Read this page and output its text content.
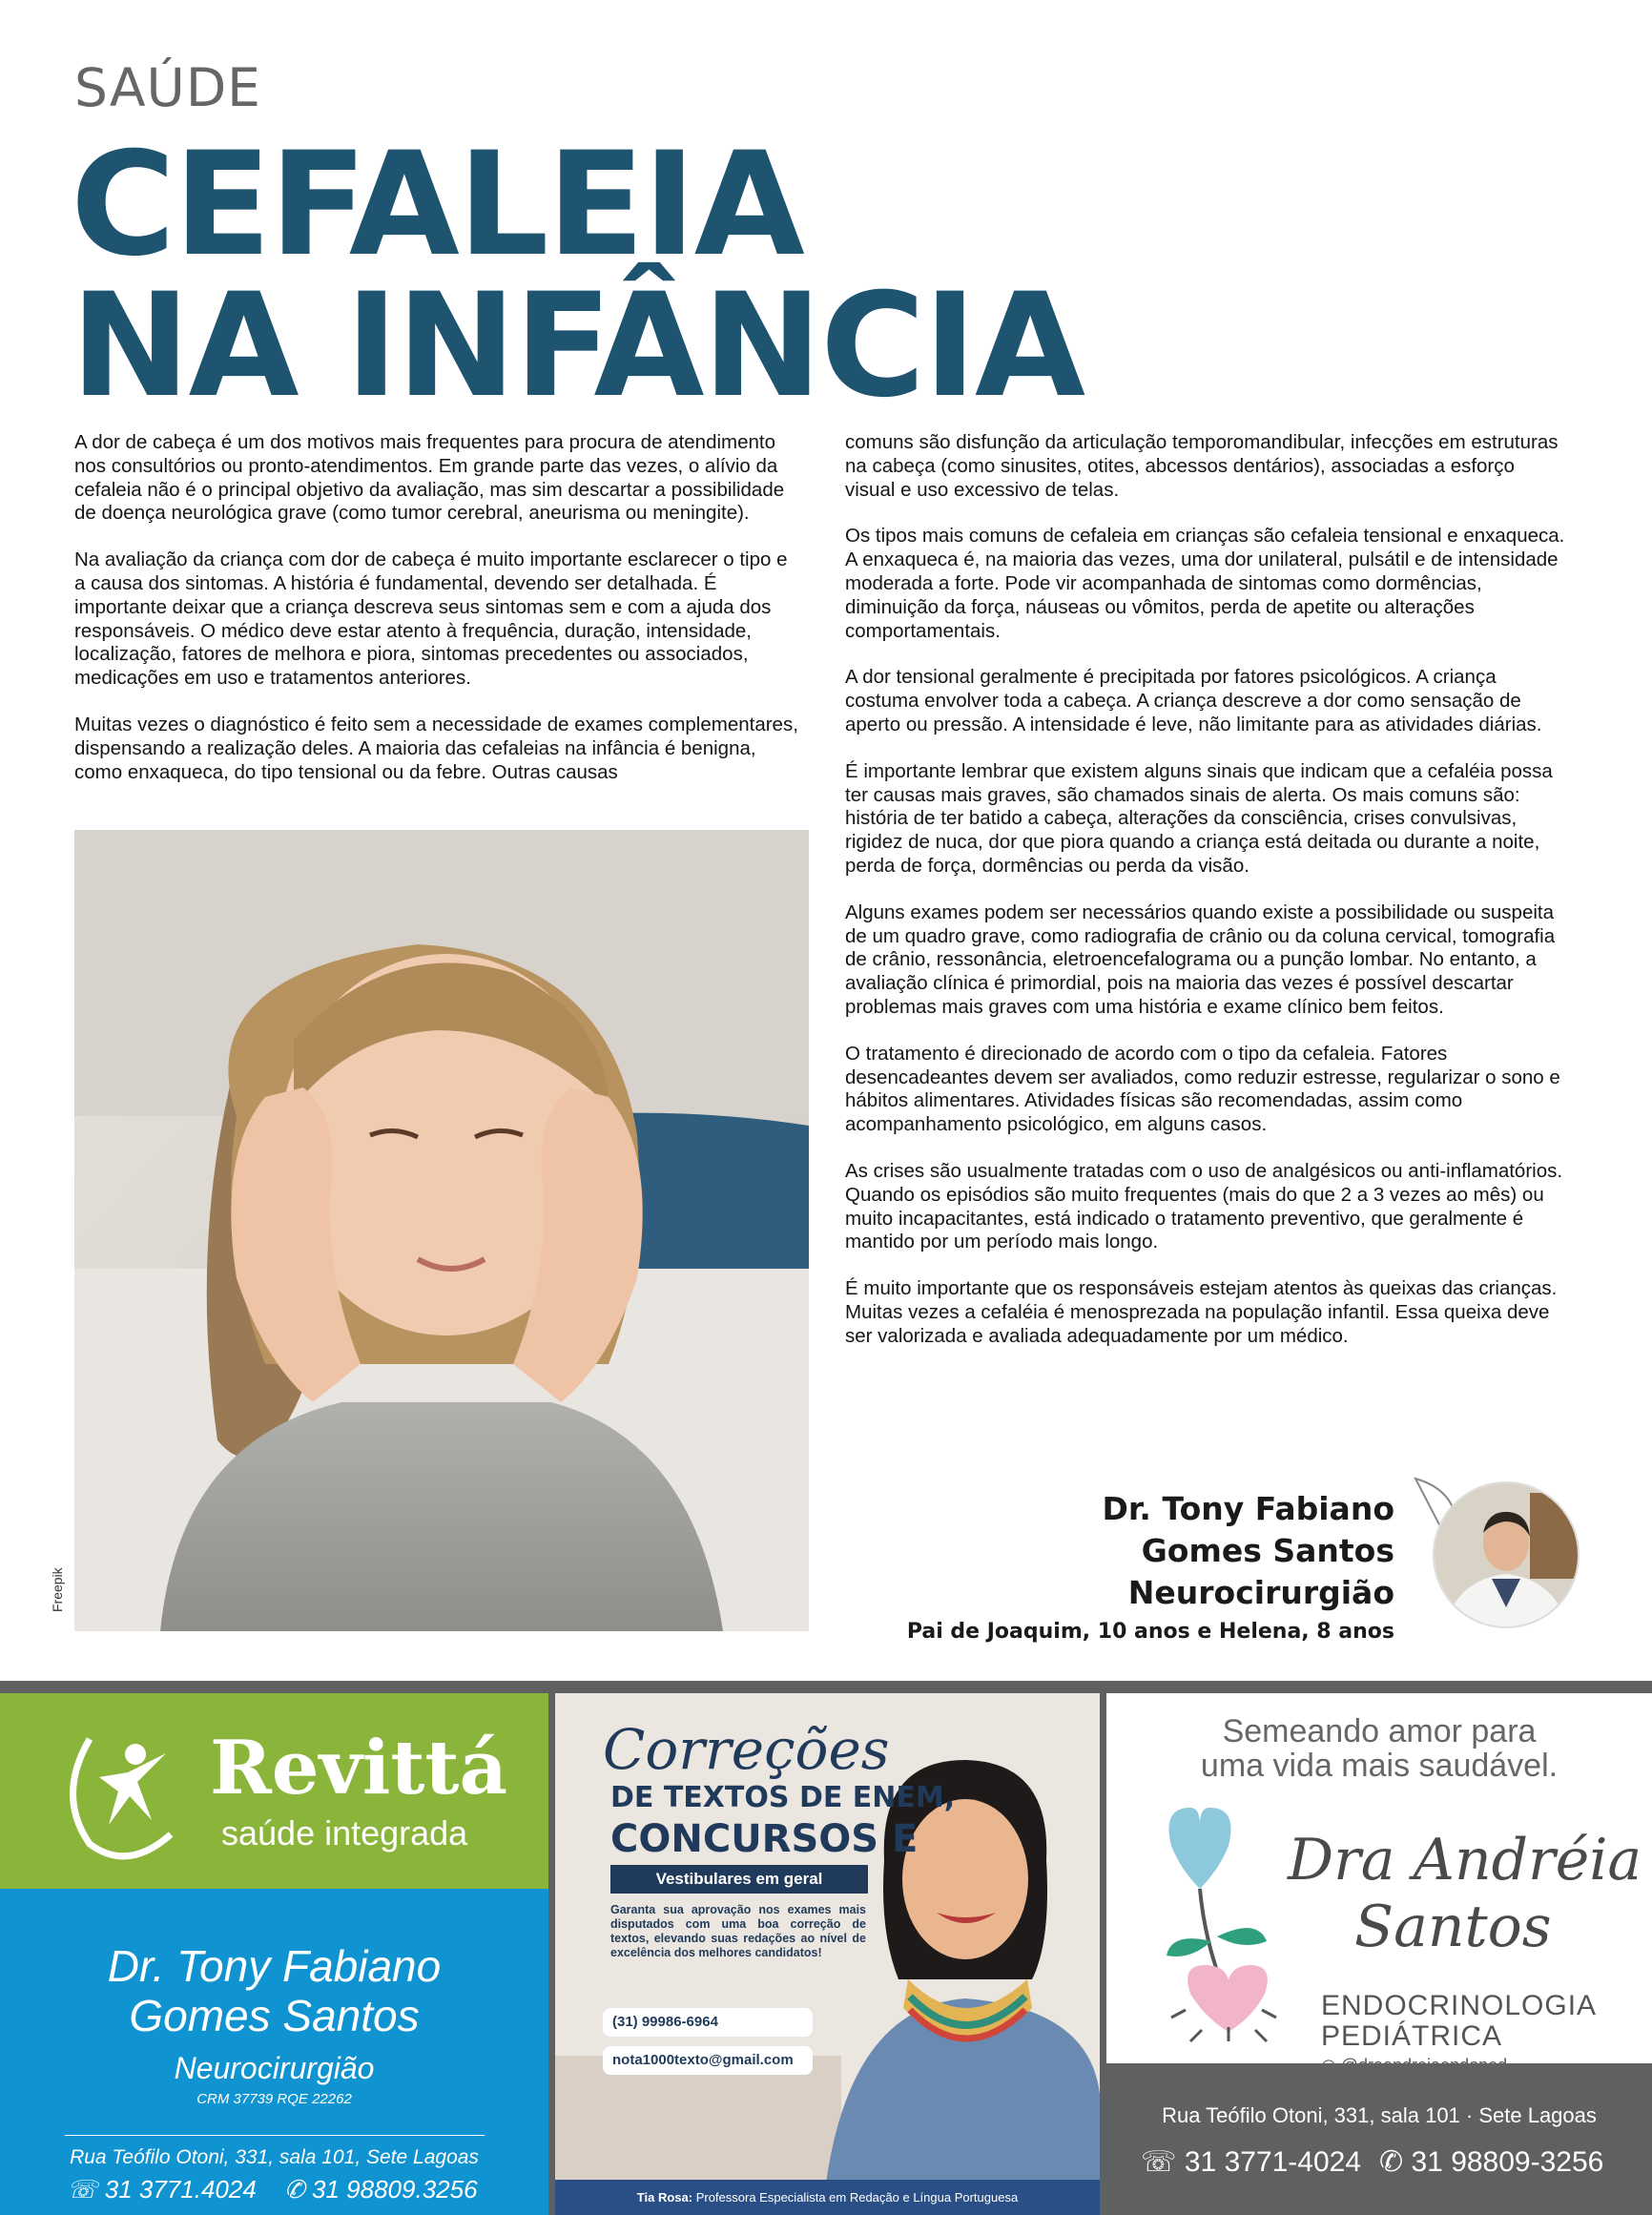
SAÚDE
CEFALEIA
NA INFÂNCIA

A dor de cabeça é um dos motivos mais frequentes para procura de atendimento nos consultórios ou pronto-atendimentos. Em grande parte das vezes, o alívio da cefaleia não é o principal objetivo da avaliação, mas sim descartar a possibilidade de doença neurológica grave (como tumor cerebral, aneurisma ou meningite).

Na avaliação da criança com dor de cabeça é muito importante esclarecer o tipo e a causa dos sintomas. A história é fundamental, devendo ser detalhada. É importante deixar que a criança descreva seus sintomas sem e com a ajuda dos responsáveis. O médico deve estar atento à frequência, duração, intensidade, localização, fatores de melhora e piora, sintomas precedentes ou associados, medicações em uso e tratamentos anteriores.

Muitas vezes o diagnóstico é feito sem a necessidade de exames complementares, dispensando a realização deles. A maioria das cefaleias na infância é benigna, como enxaqueca, do tipo tensional ou da febre. Outras causas

comuns são disfunção da articulação temporomandibular, infecções em estruturas na cabeça (como sinusites, otites, abcessos dentários), associadas a esforço visual e uso excessivo de telas.

Os tipos mais comuns de cefaleia em crianças são cefaleia tensional e enxaqueca. A enxaqueca é, na maioria das vezes, uma dor unilateral, pulsátil e de intensidade moderada a forte. Pode vir acompanhada de sintomas como dormências, diminuição da força, náuseas ou vômitos, perda de apetite ou alterações comportamentais.

A dor tensional geralmente é precipitada por fatores psicológicos. A criança costuma envolver toda a cabeça. A criança descreve a dor como sensação de aperto ou pressão. A intensidade é leve, não limitante para as atividades diárias.

É importante lembrar que existem alguns sinais que indicam que a cefaléia possa ter causas mais graves, são chamados sinais de alerta. Os mais comuns são: história de ter batido a cabeça, alterações da consciência, crises convulsivas, rigidez de nuca, dor que piora quando a criança está deitada ou durante a noite, perda de força, dormências ou perda da visão.

Alguns exames podem ser necessários quando existe a possibilidade ou suspeita de um quadro grave, como radiografia de crânio ou da coluna cervical, tomografia de crânio, ressonância, eletroencefalograma ou a punção lombar. No entanto, a avaliação clínica é primordial, pois na maioria das vezes é possível descartar problemas mais graves com uma história e exame clínico bem feitos.

O tratamento é direcionado de acordo com o tipo da cefaleia. Fatores desencadeantes devem ser avaliados, como reduzir estresse, regularizar o sono e hábitos alimentares. Atividades físicas são recomendadas, assim como acompanhamento psicológico, em alguns casos.

As crises são usualmente tratadas com o uso de analgésicos ou anti-inflamatórios. Quando os episódios são muito frequentes (mais do que 2 a 3 vezes ao mês) ou muito incapacitantes, está indicado o tratamento preventivo, que geralmente é mantido por um período mais longo.

É muito importante que os responsáveis estejam atentos às queixas das crianças. Muitas vezes a cefaléia é menosprezada na população infantil. Essa queixa deve ser valorizada e avaliada adequadamente por um médico.

Freepik
Dr. Tony Fabiano
Gomes Santos
Neurocirurgião
Pai de Joaquim, 10 anos e Helena, 8 anos
Revittá
saúde integrada
Dr. Tony Fabiano
Gomes Santos
Neurocirurgião
CRM 37739 RQE 22262
Rua Teófilo Otoni, 331, sala 101, Sete Lagoas
☏ 31 3771.4024 ✆ 31 98809.3256
Correções
DE TEXTOS DE ENEM,
CONCURSOS E
Vestibulares em geral
Garanta sua aprovação nos exames mais disputados com uma boa correção de textos, elevando suas redações ao nível de excelência dos melhores candidatos!
(31) 99986-6964
nota1000texto@gmail.com
Tia Rosa: Professora Especialista em Redação e Língua Portuguesa
Semeando amor para
uma vida mais saudável.
Dra Andréia
Santos
ENDOCRINOLOGIA
PEDIÁTRICA
Rua Teófilo Otoni, 331, sala 101 · Sete Lagoas
☏ 31 3771-4024 ✆ 31 98809-3256
